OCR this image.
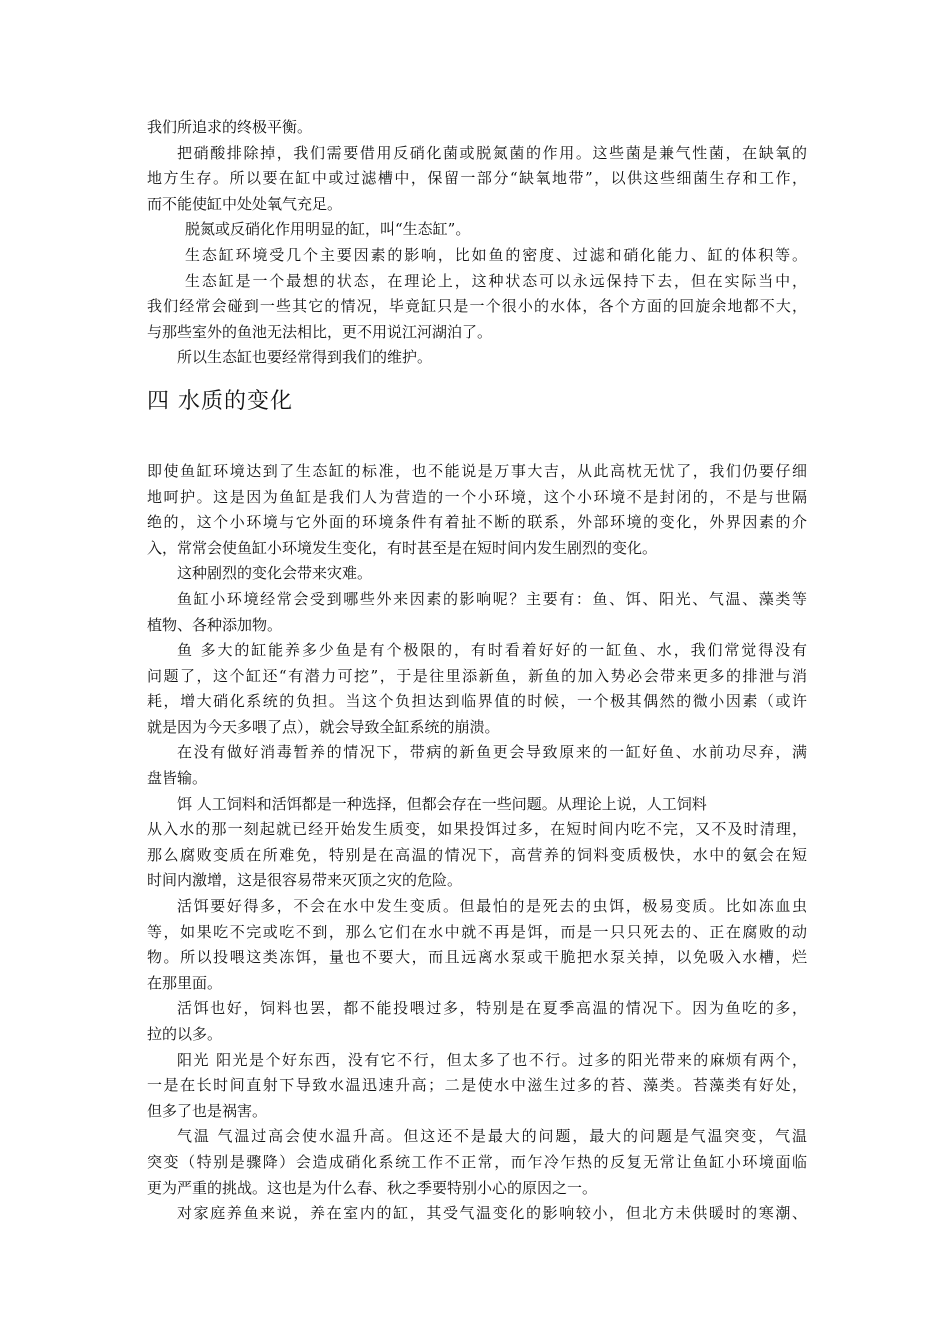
我们所追求的终极平衡。
把硝酸排除掉，我们需要借用反硝化菌或脱氮菌的作用。这些菌是兼气性菌，在缺氧的
地方生存。所以要在缸中或过滤槽中，保留一部分“缺氧地带”，以供这些细菌生存和工作，
而不能使缸中处处氧气充足。
脱氮或反硝化作用明显的缸，叫“生态缸”。
生态缸环境受几个主要因素的影响，比如鱼的密度、过滤和硝化能力、缸的体积等。
生态缸是一个最想的状态，在理论上，这种状态可以永远保持下去，但在实际当中，
我们经常会碰到一些其它的情况，毕竟缸只是一个很小的水体，各个方面的回旋余地都不大，
与那些室外的鱼池无法相比，更不用说江河湖泊了。
所以生态缸也要经常得到我们的维护。
四 水质的变化
即使鱼缸环境达到了生态缸的标准，也不能说是万事大吉，从此高枕无忧了，我们仍要仔细
地呵护。这是因为鱼缸是我们人为营造的一个小环境，这个小环境不是封闭的，不是与世隔
绝的，这个小环境与它外面的环境条件有着扯不断的联系，外部环境的变化，外界因素的介
入，常常会使鱼缸小环境发生变化，有时甚至是在短时间内发生剧烈的变化。
这种剧烈的变化会带来灾难。
鱼缸小环境经常会受到哪些外来因素的影响呢？主要有：鱼、饵、阳光、气温、藻类等
植物、各种添加物。
鱼 多大的缸能养多少鱼是有个极限的，有时看着好好的一缸鱼、水，我们常觉得没有
问题了，这个缸还“有潜力可挖”，于是往里添新鱼，新鱼的加入势必会带来更多的排泄与消
耗，增大硝化系统的负担。当这个负担达到临界值的时候，一个极其偶然的微小因素（或许
就是因为今天多喂了点），就会导致全缸系统的崩溃。
在没有做好消毒暂养的情况下，带病的新鱼更会导致原来的一缸好鱼、水前功尽弃，满
盘皆输。
饵 人工饲料和活饵都是一种选择，但都会存在一些问题。从理论上说，人工饲料
从入水的那一刻起就已经开始发生质变，如果投饵过多，在短时间内吃不完，又不及时清理，
那么腐败变质在所难免，特别是在高温的情况下，高营养的饲料变质极快，水中的氨会在短
时间内激增，这是很容易带来灭顶之灾的危险。
活饵要好得多，不会在水中发生变质。但最怕的是死去的虫饵，极易变质。比如冻血虫
等，如果吃不完或吃不到，那么它们在水中就不再是饵，而是一只只死去的、正在腐败的动
物。所以投喂这类冻饵，量也不要大，而且远离水泵或干脆把水泵关掉，以免吸入水槽，烂
在那里面。
活饵也好，饲料也罢，都不能投喂过多，特别是在夏季高温的情况下。因为鱼吃的多，
拉的以多。
阳光 阳光是个好东西，没有它不行，但太多了也不行。过多的阳光带来的麻烦有两个，
一是在长时间直射下导致水温迅速升高；二是使水中滋生过多的苔、藻类。苔藻类有好处，
但多了也是祸害。
气温 气温过高会使水温升高。但这还不是最大的问题，最大的问题是气温突变，气温
突变（特别是骤降）会造成硝化系统工作不正常，而乍冷乍热的反复无常让鱼缸小环境面临
更为严重的挑战。这也是为什么春、秋之季要特别小心的原因之一。
对家庭养鱼来说，养在室内的缸，其受气温变化的影响较小，但北方未供暖时的寒潮、
